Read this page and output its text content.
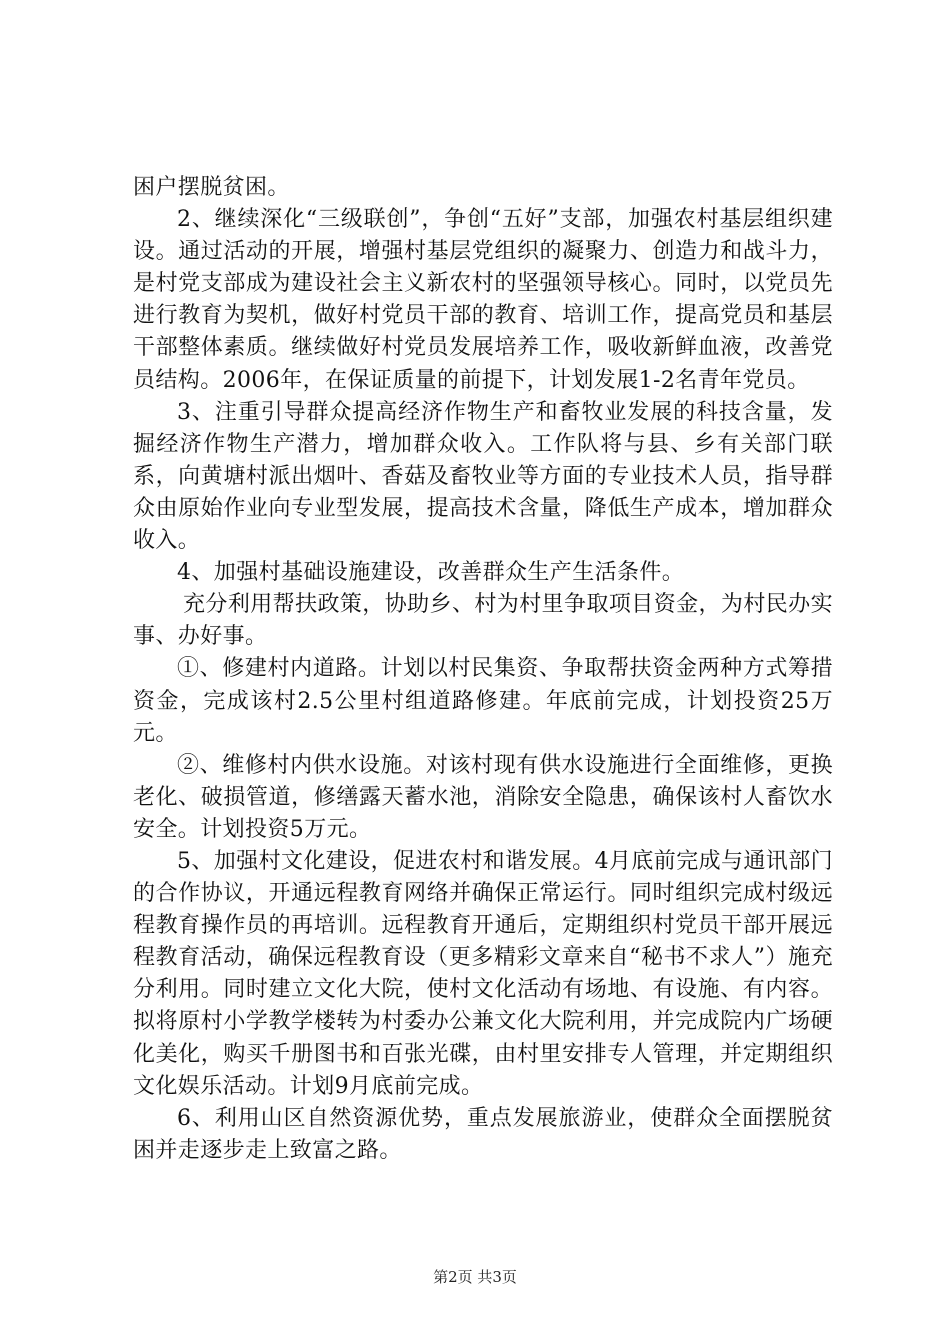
困户摆脱贫困。

2、继续深化“三级联创”，争创“五好”支部，加强农村基层组织建设。通过活动的开展，增强村基层党组织的凝聚力、创造力和战斗力，是村党支部成为建设社会主义新农村的坚强领导核心。同时，以党员先进行教育为契机，做好村党员干部的教育、培训工作，提高党员和基层干部整体素质。继续做好村党员发展培养工作，吸收新鲜血液，改善党员结构。2006年，在保证质量的前提下，计划发展1-2名青年党员。

3、注重引导群众提高经济作物生产和畜牧业发展的科技含量，发掘经济作物生产潜力，增加群众收入。工作队将与县、乡有关部门联系，向黄塘村派出烟叶、香菇及畜牧业等方面的专业技术人员，指导群众由原始作业向专业型发展，提高技术含量，降低生产成本，增加群众收入。

4、加强村基础设施建设，改善群众生产生活条件。

充分利用帮扶政策，协助乡、村为村里争取项目资金，为村民办实事、办好事。

①、修建村内道路。计划以村民集资、争取帮扶资金两种方式筹措资金，完成该村2.5公里村组道路修建。年底前完成，计划投资25万元。

②、维修村内供水设施。对该村现有供水设施进行全面维修，更换老化、破损管道，修缮露天蓄水池，消除安全隐患，确保该村人畜饮水安全。计划投资5万元。

5、加强村文化建设，促进农村和谐发展。4月底前完成与通讯部门的合作协议，开通远程教育网络并确保正常运行。同时组织完成村级远程教育操作员的再培训。远程教育开通后，定期组织村党员干部开展远程教育活动，确保远程教育设（更多精彩文章来自“秘书不求人”）施充分利用。同时建立文化大院，使村文化活动有场地、有设施、有内容。拟将原村小学教学楼转为村委办公兼文化大院利用，并完成院内广场硬化美化，购买千册图书和百张光碟，由村里安排专人管理，并定期组织文化娱乐活动。计划9月底前完成。

6、利用山区自然资源优势，重点发展旅游业，使群众全面摆脱贫困并走逐步走上致富之路。

第2页 共3页
